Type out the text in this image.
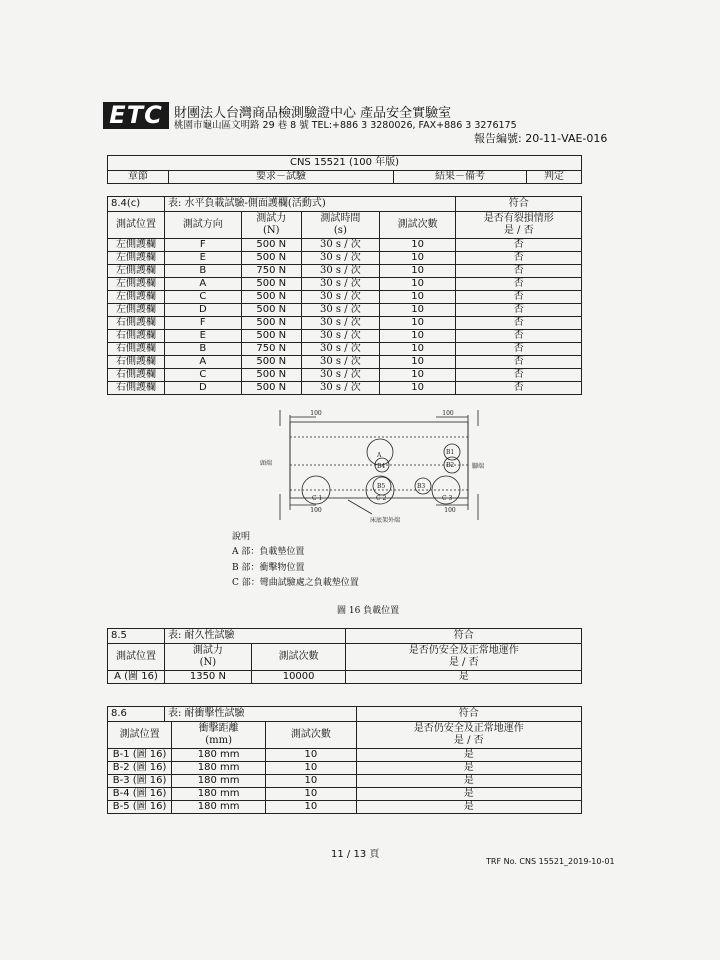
ETC 財團法人台灣商品檢測驗證中心 產品安全實驗室
桃園市龜山區文明路 29 巷 8 號 TEL:+886 3 3280026, FAX+886 3 3276175
報告編號: 20-11-VAE-016
CNS 15521 (100 年版)
章節	要求－試驗	結果－備考	判定
8.4(c)	表: 水平負載試驗-側面護欄(活動式)				符合
測試位置	測試方向	測試力
(N)	測試時間
(s)	測試次數	是否有裂損情形
是 / 否
左側護欄	F	500 N	30 s / 次	10	否
左側護欄	E	500 N	30 s / 次	10	否
左側護欄	B	750 N	30 s / 次	10	否
左側護欄	A	500 N	30 s / 次	10	否
左側護欄	C	500 N	30 s / 次	10	否
左側護欄	D	500 N	30 s / 次	10	否
右側護欄	F	500 N	30 s / 次	10	否
右側護欄	E	500 N	30 s / 次	10	否
右側護欄	B	750 N	30 s / 次	10	否
右側護欄	A	500 N	30 s / 次	10	否
右側護欄	C	500 N	30 s / 次	10	否
右側護欄	D	500 N	30 s / 次	10	否
100	100
100	100
頭端	腳端
A	B1
B2
B3
B4
B5
C 1	C 2	C 3
床底架外端
說明
A 部：負載墊位置
B 部：衝擊物位置
C 部：彎曲試驗處之負載墊位置
圖 16 負載位置
8.5	表: 耐久性試驗		符合
測試位置	測試力
(N)	測試次數	是否仍安全及正常地運作
是 / 否
A (圖 16)	1350 N	10000	是
8.6	表: 耐衝擊性試驗			符合
測試位置		衝擊距離
(mm)	測試次數	是否仍安全及正常地運作
是 / 否
B-1 (圖 16)		180 mm	10	是
B-2 (圖 16)		180 mm	10	是
B-3 (圖 16)		180 mm	10	是
B-4 (圖 16)		180 mm	10	是
B-5 (圖 16)		180 mm	10	是
11 / 13 頁
TRF No. CNS 15521_2019-10-01
